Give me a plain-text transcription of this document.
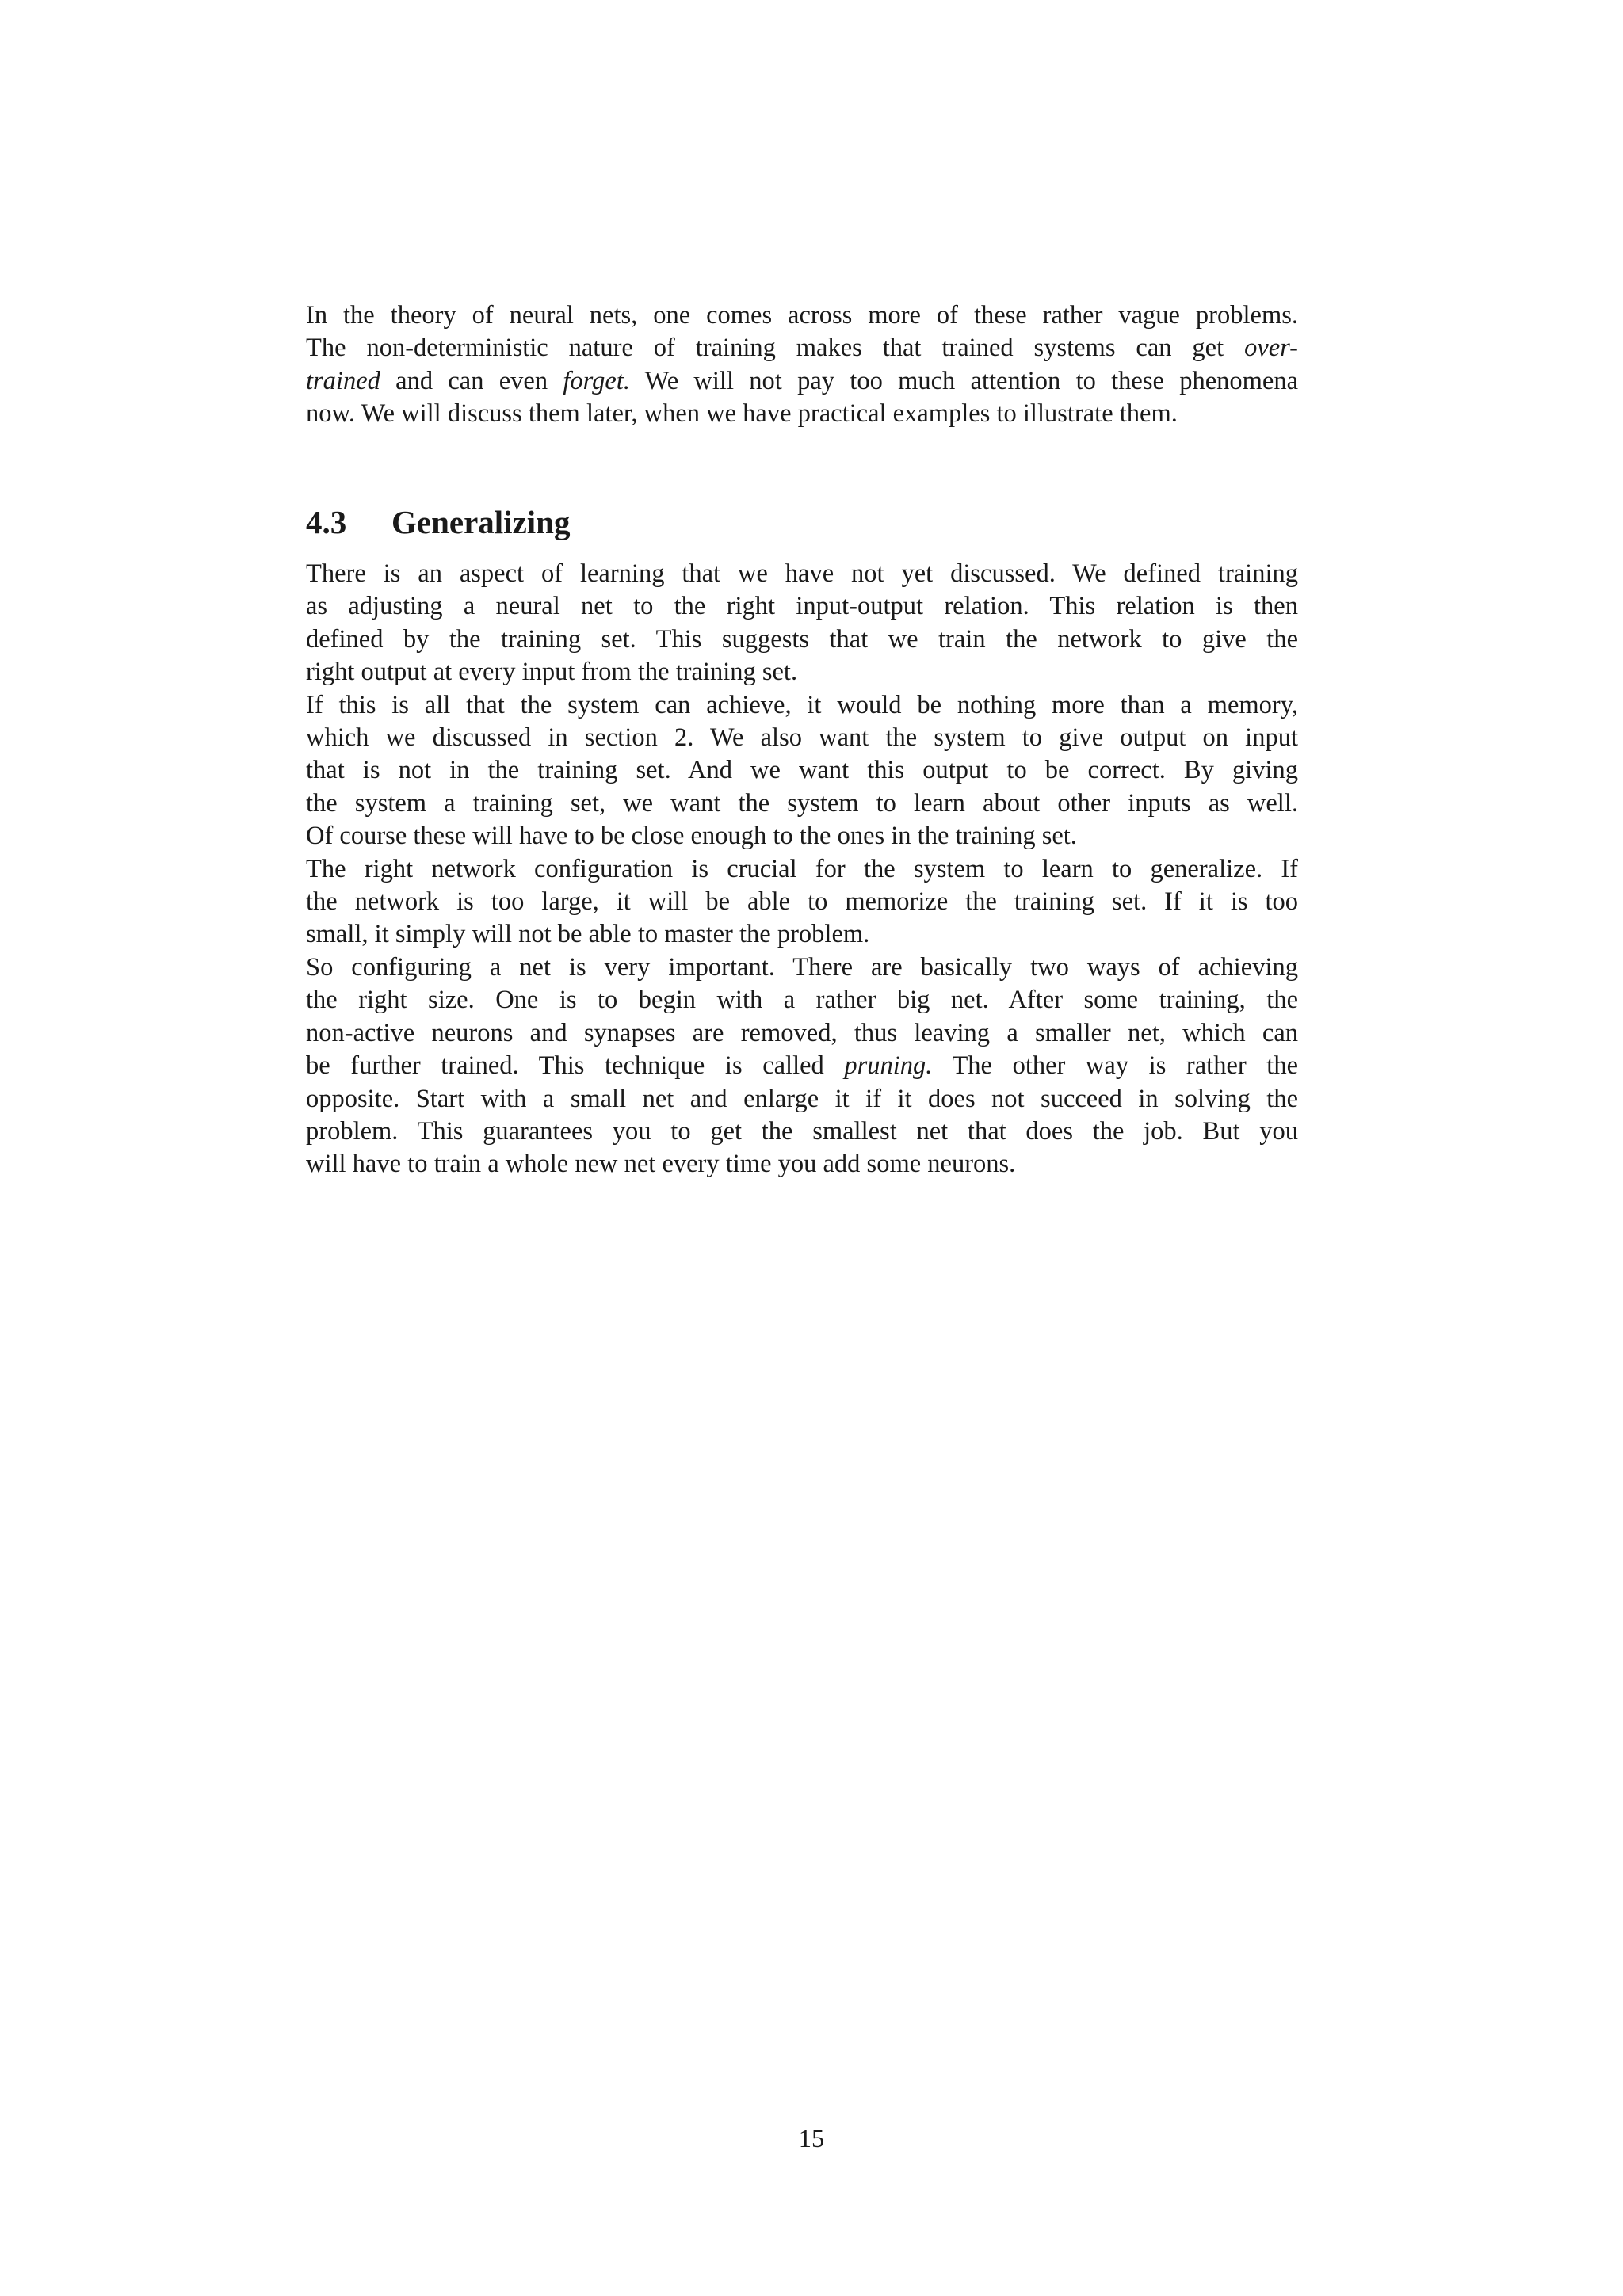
In the theory of neural nets, one comes across more of these rather vague problems.
The non-deterministic nature of training makes that trained systems can get over-
trained and can even forget. We will not pay too much attention to these phenomena
now. We will discuss them later, when we have practical examples to illustrate them.
4.3 Generalizing
There is an aspect of learning that we have not yet discussed. We defined training
as adjusting a neural net to the right input-output relation. This relation is then
defined by the training set. This suggests that we train the network to give the
right output at every input from the training set.
If this is all that the system can achieve, it would be nothing more than a memory,
which we discussed in section 2. We also want the system to give output on input
that is not in the training set. And we want this output to be correct. By giving
the system a training set, we want the system to learn about other inputs as well.
Of course these will have to be close enough to the ones in the training set.
The right network configuration is crucial for the system to learn to generalize. If
the network is too large, it will be able to memorize the training set. If it is too
small, it simply will not be able to master the problem.
So configuring a net is very important. There are basically two ways of achieving
the right size. One is to begin with a rather big net. After some training, the
non-active neurons and synapses are removed, thus leaving a smaller net, which can
be further trained. This technique is called pruning. The other way is rather the
opposite. Start with a small net and enlarge it if it does not succeed in solving the
problem. This guarantees you to get the smallest net that does the job. But you
will have to train a whole new net every time you add some neurons.
15
